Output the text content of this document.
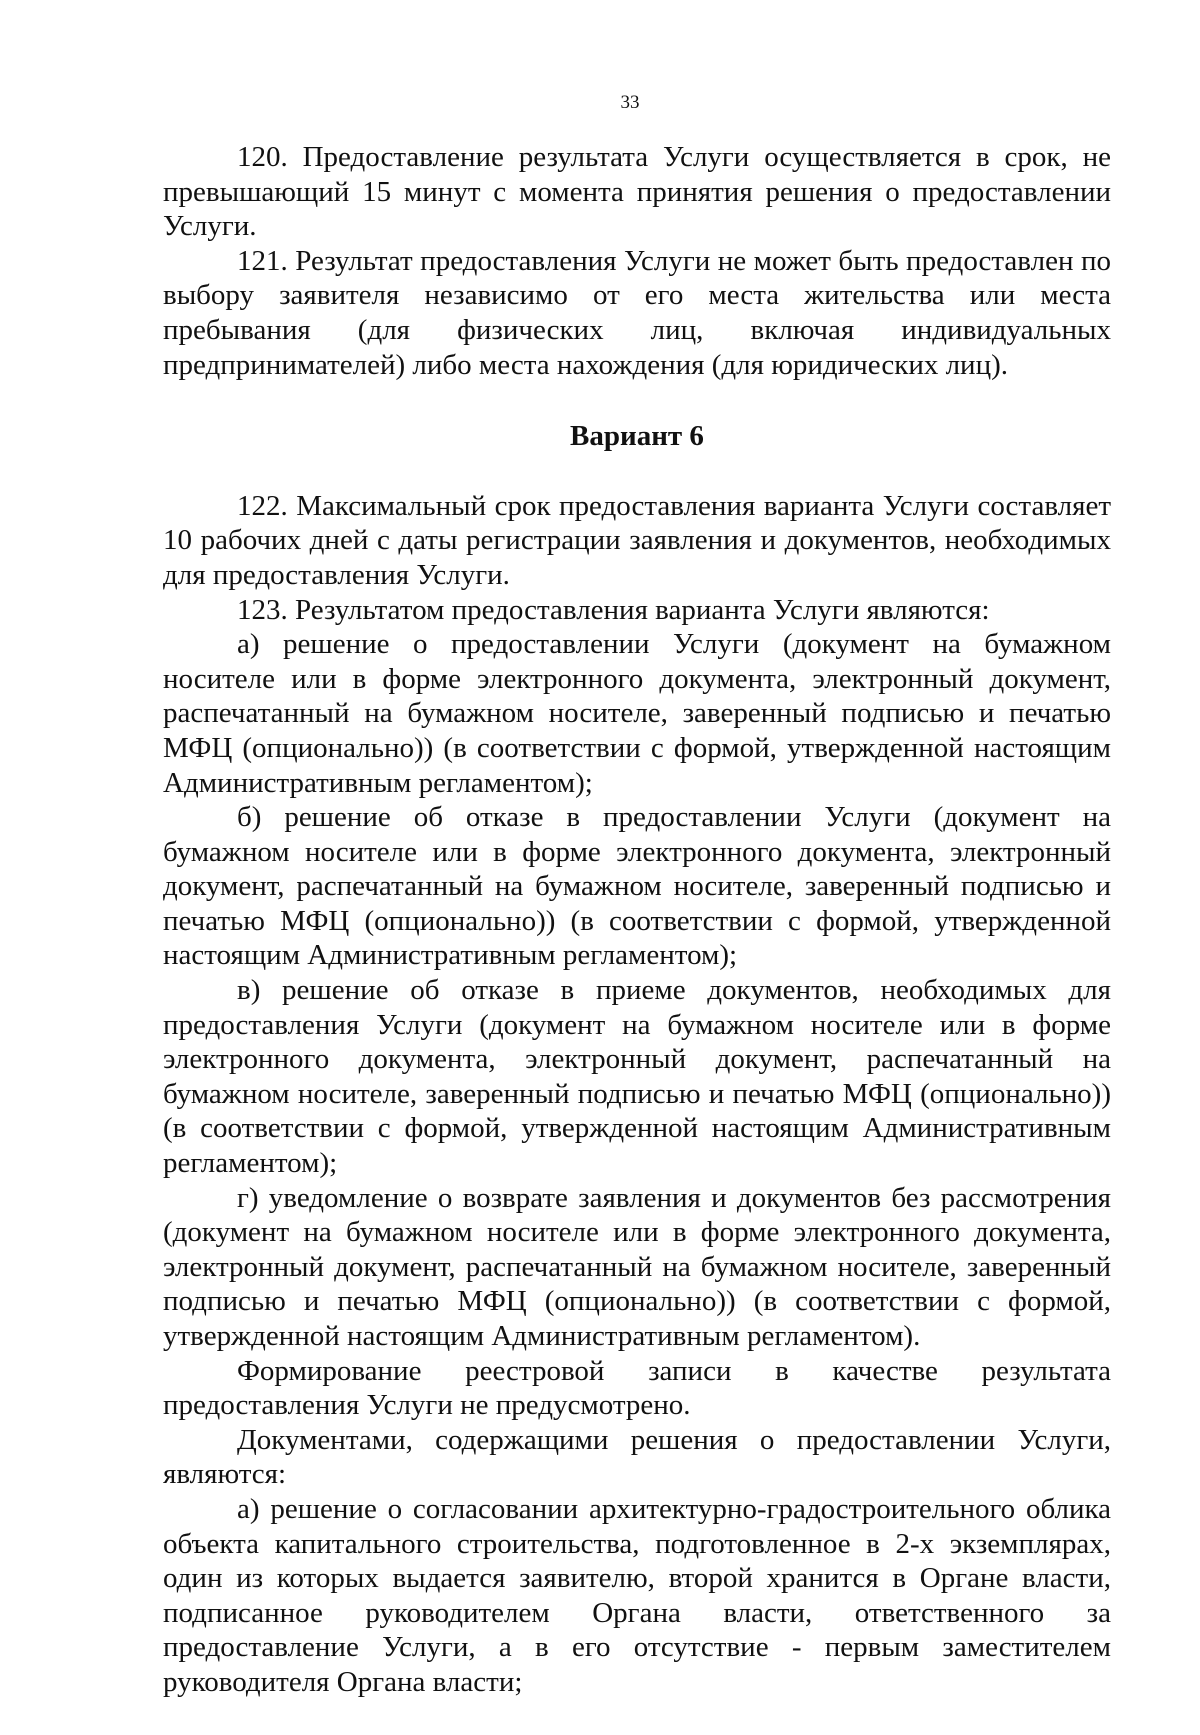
33

120. Предоставление результата Услуги осуществляется в срок, не превышающий 15 минут с момента принятия решения о предоставлении Услуги.

121. Результат предоставления Услуги не может быть предоставлен по выбору заявителя независимо от его места жительства или места пребывания (для физических лиц, включая индивидуальных предпринимателей) либо места нахождения (для юридических лиц).

Вариант 6

122. Максимальный срок предоставления варианта Услуги составляет 10 рабочих дней с даты регистрации заявления и документов, необходимых для предоставления Услуги.

123. Результатом предоставления варианта Услуги являются:

а) решение о предоставлении Услуги (документ на бумажном носителе или в форме электронного документа, электронный документ, распечатанный на бумажном носителе, заверенный подписью и печатью МФЦ (опционально)) (в соответствии с формой, утвержденной настоящим Административным регламентом);

б) решение об отказе в предоставлении Услуги (документ на бумажном носителе или в форме электронного документа, электронный документ, распечатанный на бумажном носителе, заверенный подписью и печатью МФЦ (опционально)) (в соответствии с формой, утвержденной настоящим Административным регламентом);

в) решение об отказе в приеме документов, необходимых для предоставления Услуги (документ на бумажном носителе или в форме электронного документа, электронный документ, распечатанный на бумажном носителе, заверенный подписью и печатью МФЦ (опционально)) (в соответствии с формой, утвержденной настоящим Административным регламентом);

г) уведомление о возврате заявления и документов без рассмотрения (документ на бумажном носителе или в форме электронного документа, электронный документ, распечатанный на бумажном носителе, заверенный подписью и печатью МФЦ (опционально)) (в соответствии с формой, утвержденной настоящим Административным регламентом).

Формирование реестровой записи в качестве результата предоставления Услуги не предусмотрено.

Документами, содержащими решения о предоставлении Услуги, являются:

а) решение о согласовании архитектурно-градостроительного облика объекта капитального строительства, подготовленное в 2-х экземплярах, один из которых выдается заявителю, второй хранится в Органе власти, подписанное руководителем Органа власти, ответственного за предоставление Услуги, а в его отсутствие - первым заместителем руководителя Органа власти;
